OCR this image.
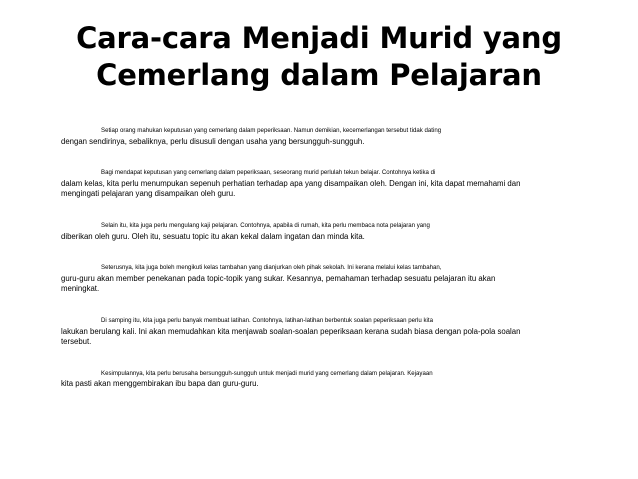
Cara-cara Menjadi Murid yang
Cemerlang dalam Pelajaran

Setiap orang mahukan keputusan yang cemerlang dalam peperiksaan. Namun demikian, kecemerlangan tersebut tidak dating
dengan sendirinya, sebaliknya, perlu disusuli dengan usaha yang bersungguh-sungguh.

Bagi mendapat keputusan yang cemerlang dalam peperiksaan, seseorang murid perlulah tekun belajar. Contohnya ketika di
dalam kelas, kita perlu menumpukan sepenuh perhatian terhadap apa yang disampaikan oleh. Dengan ini, kita dapat memahami dan
mengingati pelajaran yang disampaikan oleh guru.

Selain itu, kita juga perlu mengulang kaji pelajaran. Contohnya, apabila di rumah, kita perlu membaca nota pelajaran yang
diberikan oleh guru. Oleh itu, sesuatu topic itu akan kekal dalam ingatan dan minda kita.

Seterusnya, kita juga boleh mengikuti kelas tambahan yang dianjurkan oleh pihak sekolah. Ini kerana melalui kelas tambahan,
guru-guru akan member penekanan pada topic-topik yang sukar. Kesannya, pemahaman terhadap sesuatu pelajaran itu akan
meningkat.

Di samping itu, kita juga perlu banyak membuat latihan. Contohnya, latihan-latihan berbentuk soalan peperiksaan perlu kita
lakukan berulang kali. Ini akan memudahkan kita menjawab soalan-soalan peperiksaan kerana sudah biasa dengan pola-pola soalan
tersebut.

Kesimpulannya, kita perlu berusaha bersungguh-sungguh untuk menjadi murid yang cemerlang dalam pelajaran. Kejayaan
kita pasti akan menggembirakan ibu bapa dan guru-guru.
